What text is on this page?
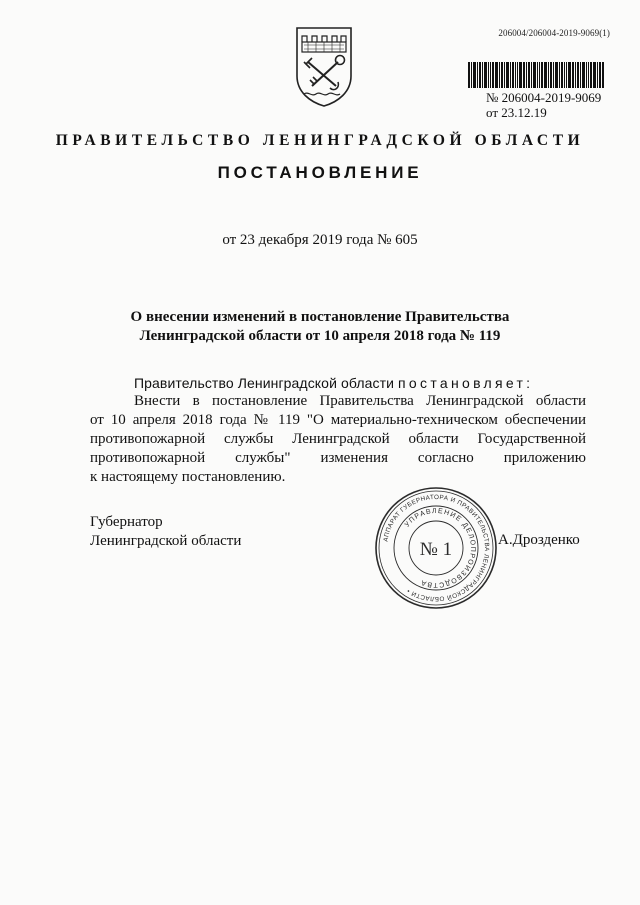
206004/206004-2019-9069(1)
№ 206004-2019-9069
от 23.12.19
ПРАВИТЕЛЬСТВО ЛЕНИНГРАДСКОЙ ОБЛАСТИ
ПОСТАНОВЛЕНИЕ
от 23 декабря 2019 года № 605
О внесении изменений в постановление Правительства
Ленинградской области от 10 апреля 2018 года № 119
Правительство Ленинградской области постановляет:
Внести в постановление Правительства Ленинградской области
от 10 апреля 2018 года № 119 "О материально-техническом обеспечении
противопожарной службы Ленинградской области Государственной
противопожарной службы" изменения согласно приложению
к настоящему постановлению.
Губернатор
Ленинградской области	А.Дрозденко
АППАРАТ ГУБЕРНАТОРА И ПРАВИТЕЛЬСТВА ЛЕНИНГРАДСКОЙ ОБЛАСТИ •
УПРАВЛЕНИЕ ДЕЛОПРОИЗВОДСТВА
№ 1
